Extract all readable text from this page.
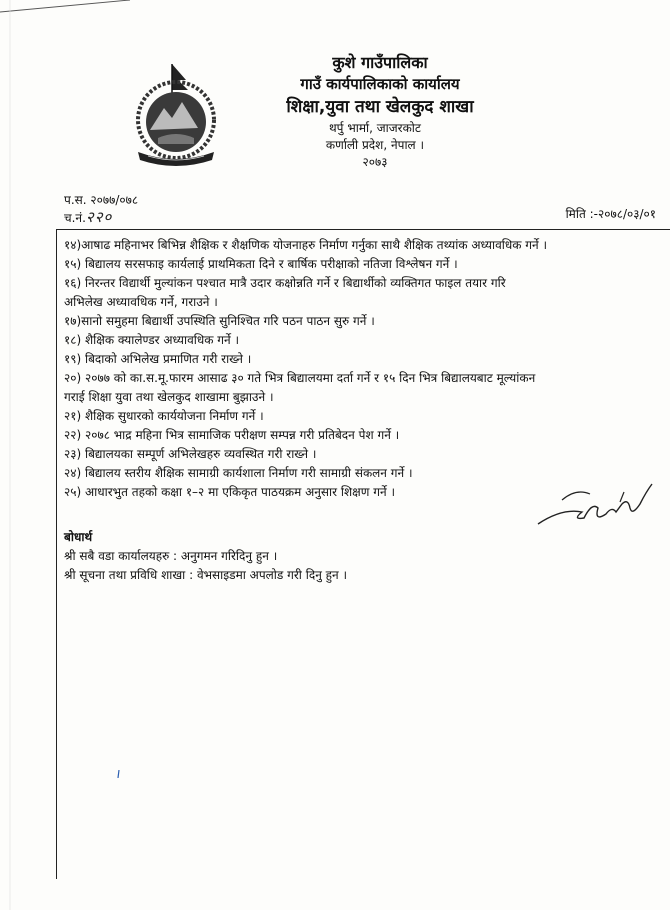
कुशे गाउँपालिका
गाउँ कार्यपालिकाको कार्यालय
शिक्षा,युवा तथा खेलकुद शाखा
थर्पु भार्मा, जाजरकोट
कर्णाली प्रदेश, नेपाल ।
२०७३
प.स. २०७७/०७८
च.नं.२२०	मिति :-२०७८/०३/०१
१४)आषाढ महिनाभर बिभिन्न शैक्षिक र शैक्षणिक योजनाहरु निर्माण गर्नुका साथै शैक्षिक तथ्यांक अध्यावधिक गर्ने ।
१५) बिद्यालय सरसफाइ कार्यलाई प्राथमिकता दिने र बार्षिक परीक्षाको नतिजा विश्लेषन गर्ने ।
१६) निरन्तर विद्यार्थी मुल्यांकन पश्चात मात्रै उदार कक्षोन्नति गर्ने र बिद्यार्थीको व्यक्तिगत फाइल तयार गरि
अभिलेख अध्यावधिक गर्ने, गराउने ।
१७)सानो समुहमा बिद्यार्थी उपस्थिति सुनिश्चित गरि पठन पाठन सुरु गर्ने ।
१८) शैक्षिक क्यालेण्डर अध्यावधिक गर्ने ।
१९) बिदाको अभिलेख प्रमाणित गरी राख्ने ।
२०) २०७७ को का.स.मू.फारम आसाढ ३० गते भित्र बिद्यालयमा दर्ता गर्ने र १५ दिन भित्र बिद्यालयबाट मूल्यांकन
गराई शिक्षा युवा तथा खेलकुद शाखामा बुझाउने ।
२१) शैक्षिक सुधारको कार्ययोजना निर्माण गर्ने ।
२२) २०७८ भाद्र महिना भित्र सामाजिक परीक्षण सम्पन्न गरी प्रतिबेदन पेश गर्ने ।
२३) बिद्यालयका सम्पूर्ण अभिलेखहरु व्यवस्थित गरी राख्ने ।
२४) बिद्यालय स्तरीय शैक्षिक सामाग्री कार्यशाला निर्माण गरी सामाग्री संकलन गर्ने ।
२५) आधारभुत तहको कक्षा १–२ मा एकिकृत पाठयक्रम अनुसार शिक्षण गर्ने ।
बोधार्थ
श्री सबै वडा कार्यालयहरु : अनुगमन गरिदिनु हुन ।
श्री सूचना तथा प्रविधि शाखा : वेभसाइडमा अपलोड गरी दिनु हुन ।
